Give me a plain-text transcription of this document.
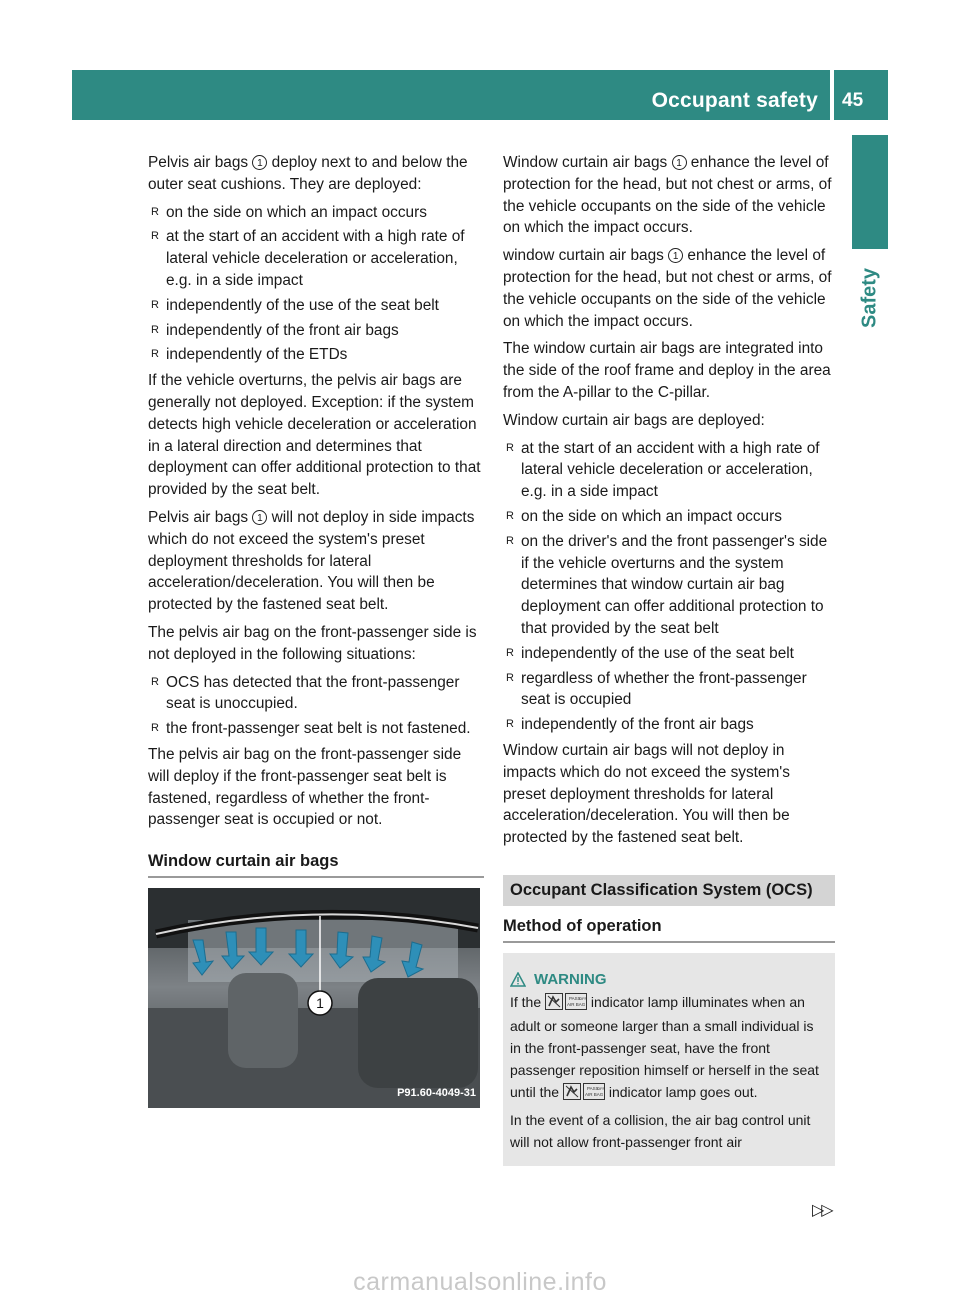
Occupant safety 45
Safety

Pelvis air bags 1 deploy next to and below the outer seat cushions. They are deployed:

R on the side on which an impact occurs
R at the start of an accident with a high rate of lateral vehicle deceleration or acceleration, e.g. in a side impact
R independently of the use of the seat belt
R independently of the front air bags
R independently of the ETDs

If the vehicle overturns, the pelvis air bags are generally not deployed. Exception: if the system detects high vehicle deceleration or acceleration in a lateral direction and determines that deployment can offer additional protection to that provided by the seat belt.

Pelvis air bags 1 will not deploy in side impacts which do not exceed the system's preset deployment thresholds for lateral acceleration/deceleration. You will then be protected by the fastened seat belt.

The pelvis air bag on the front-passenger side is not deployed in the following situations:

R OCS has detected that the front-passenger seat is unoccupied.
R the front-passenger seat belt is not fastened.

The pelvis air bag on the front-passenger side will deploy if the front-passenger seat belt is fastened, regardless of whether the front-passenger seat is occupied or not.

Window curtain air bags
1
P91.60-4049-31

Window curtain air bags 1 enhance the level of protection for the head, but not chest or arms, of the vehicle occupants on the side of the vehicle on which the impact occurs.

window curtain air bags 1 enhance the level of protection for the head, but not chest or arms, of the vehicle occupants on the side of the vehicle on which the impact occurs.

The window curtain air bags are integrated into the side of the roof frame and deploy in the area from the A-pillar to the C-pillar.

Window curtain air bags are deployed:

R at the start of an accident with a high rate of lateral vehicle deceleration or acceleration, e.g. in a side impact
R on the side on which an impact occurs
R on the driver's and the front passenger's side if the vehicle overturns and the system determines that window curtain air bag deployment can offer additional protection to that provided by the seat belt
R independently of the use of the seat belt
R regardless of whether the front-passenger seat is occupied
R independently of the front air bags

Window curtain air bags will not deploy in impacts which do not exceed the system's preset deployment thresholds for lateral acceleration/deceleration. You will then be protected by the fastened seat belt.

Occupant Classification System (OCS)
Method of operation
WARNING

If the	PASS
AIR BAG
OFF indicator lamp illuminates when an adult or someone larger than a small individual is in the front-passenger seat, have the front passenger reposition himself or herself in the seat until the	PASS
AIR BAG
OFF indicator lamp goes out.

In the event of a collision, the air bag control unit will not allow front-passenger front air

▷▷
carmanualsonline.info
